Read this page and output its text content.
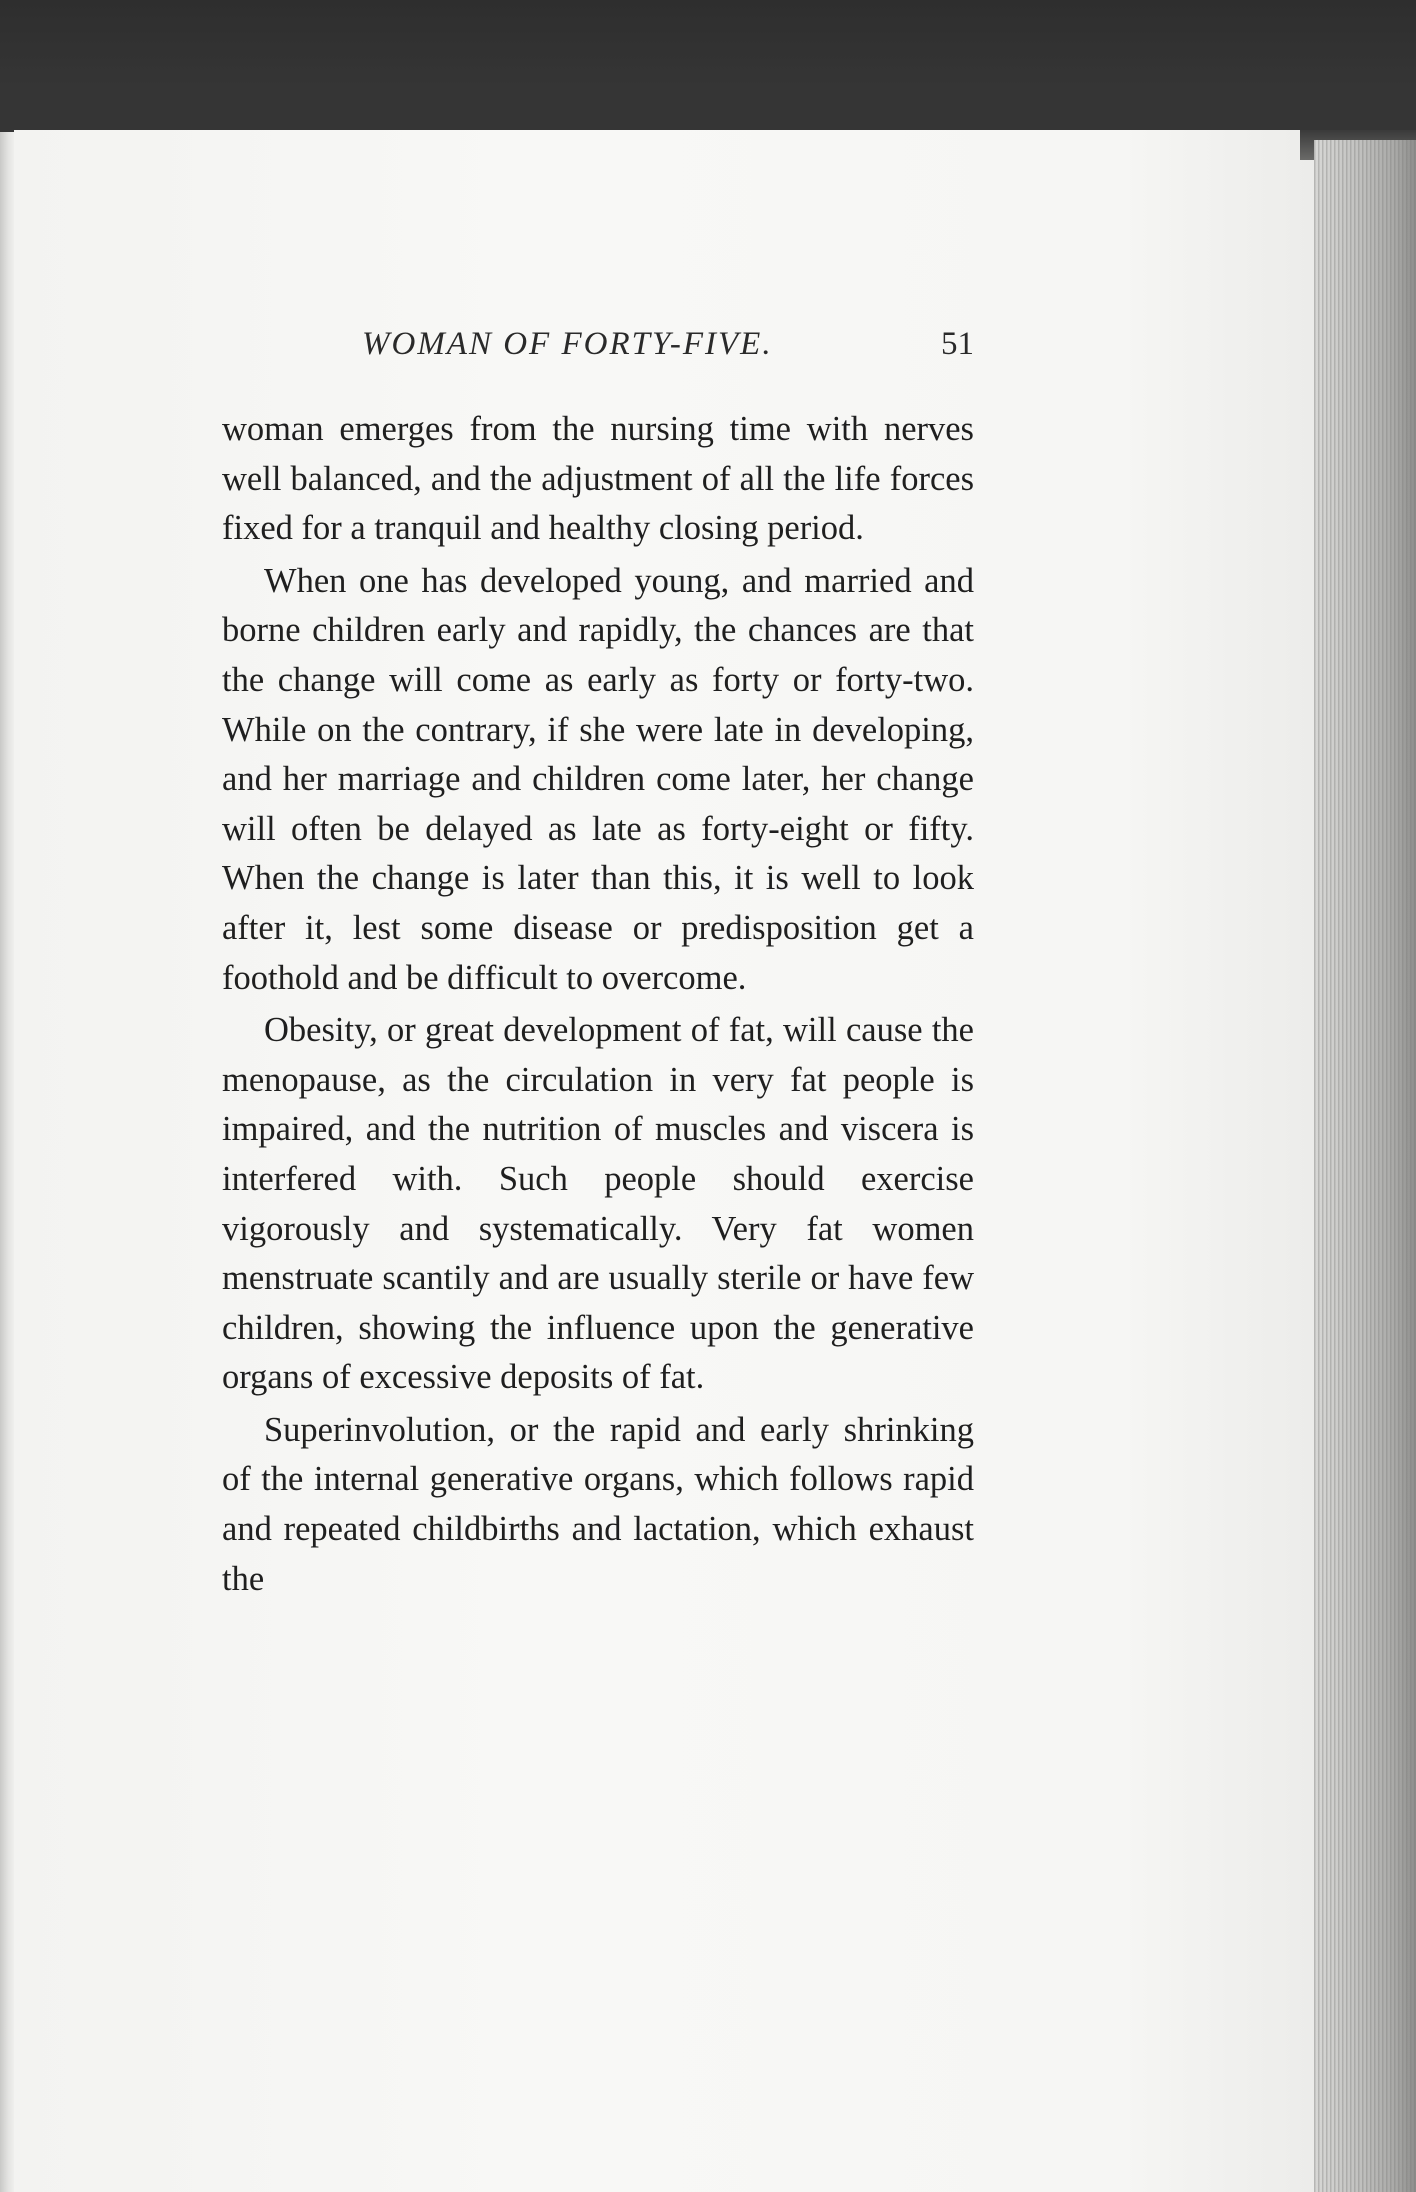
WOMAN OF FORTY-FIVE.	51

woman emerges from the nursing time with nerves well balanced, and the adjustment of all the life forces fixed for a tranquil and healthy closing period.

When one has developed young, and married and borne children early and rapidly, the chances are that the change will come as early as forty or forty-two. While on the contrary, if she were late in developing, and her marriage and children come later, her change will often be delayed as late as forty-eight or fifty. When the change is later than this, it is well to look after it, lest some disease or predisposition get a foothold and be difficult to overcome.

Obesity, or great development of fat, will cause the menopause, as the circulation in very fat people is impaired, and the nutrition of muscles and viscera is interfered with. Such people should exercise vigorously and systematically. Very fat women menstruate scantily and are usually sterile or have few children, showing the influence upon the generative organs of excessive deposits of fat.

Superinvolution, or the rapid and early shrinking of the internal generative organs, which follows rapid and repeated childbirths and lactation, which exhaust the
